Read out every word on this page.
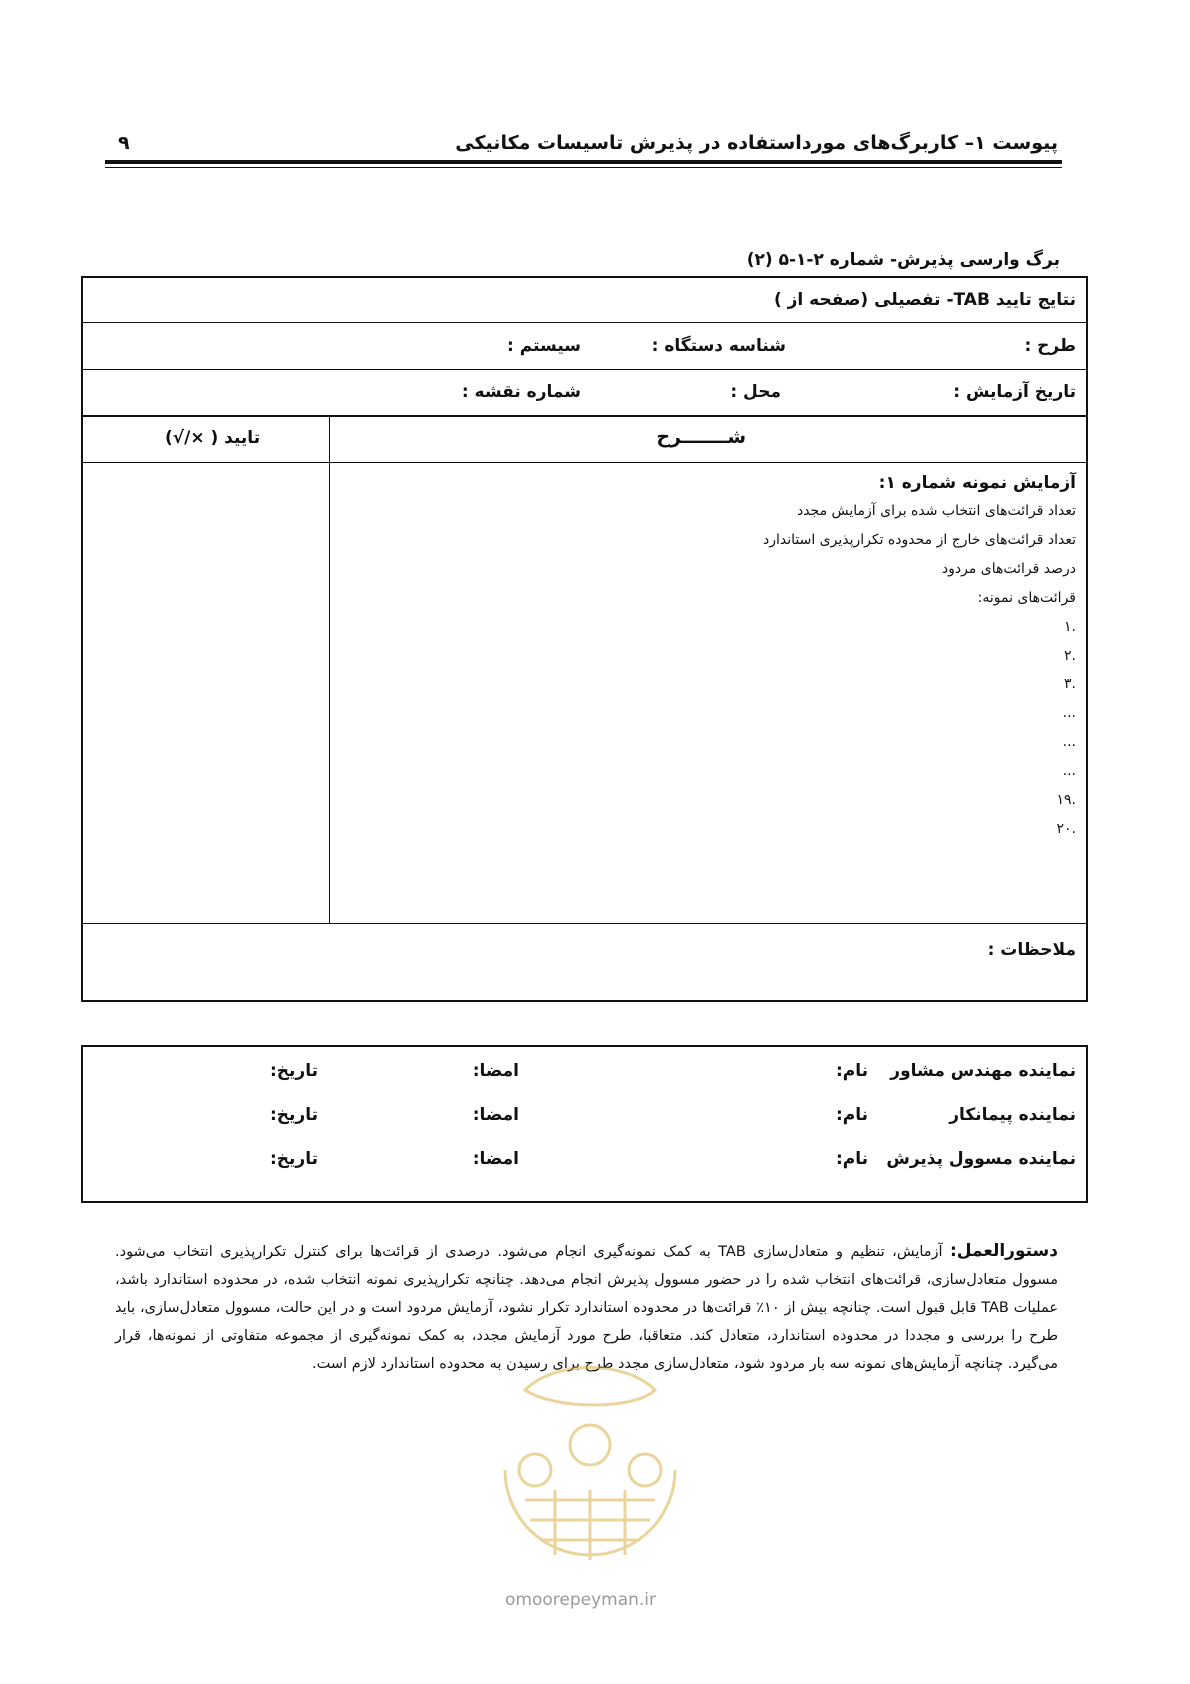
پیوست ۱– کاربرگ‌های مورداستفاده در پذیرش تاسیسات مکانیکی
۹
برگ وارسی پذیرش- شماره ۲-۱-۵ (۲)
نتایج تایید TAB- تفصیلی (صفحه از )
طرح :
شناسه دستگاه :
سیستم :
تاریخ آزمایش :
محل :
شماره نقشه :
شـــــــرح
تایید ( ×/√)
آزمایش نمونه شماره ۱:
تعداد قرائت‌های انتخاب شده برای آزمایش مجدد
تعداد قرائت‌های خارج از محدوده تکرارپذیری استاندارد
درصد قرائت‌های مردود
قرائت‌های نمونه:
.۱
.۲
.۳
...
...
...
.۱۹
.۲۰
ملاحظات :
نماینده مهندس مشاور
نام:
امضا:
تاریخ:
نماینده پیمانکار
نام:
امضا:
تاریخ:
نماینده مسوول پذیرش
نام:
امضا:
تاریخ:
دستورالعمل: آزمایش، تنظیم و متعادل‌سازی TAB به کمک نمونه‌گیری انجام می‌شود. درصدی از قرائت‌ها برای کنترل تکرارپذیری انتخاب می‌شود. مسوول متعادل‌سازی، قرائت‌های انتخاب شده را در حضور مسوول پذیرش انجام می‌دهد. چنانچه تکرارپذیری نمونه انتخاب شده، در محدوده استاندارد باشد، عملیات TAB قابل قبول است. چنانچه بیش از ۱۰٪ قرائت‌ها در محدوده استاندارد تکرار نشود، آزمایش مردود است و در این حالت، مسوول متعادل‌سازی، باید طرح را بررسی و مجددا در محدوده استاندارد، متعادل کند. متعاقبا، طرح مورد آزمایش مجدد، به کمک نمونه‌گیری از مجموعه متفاوتی از نمونه‌ها، قرار می‌گیرد. چنانچه آزمایش‌های نمونه سه بار مردود شود، متعادل‌سازی مجدد طرح برای رسیدن به محدوده استاندارد لازم است.
omoorepeyman.ir
